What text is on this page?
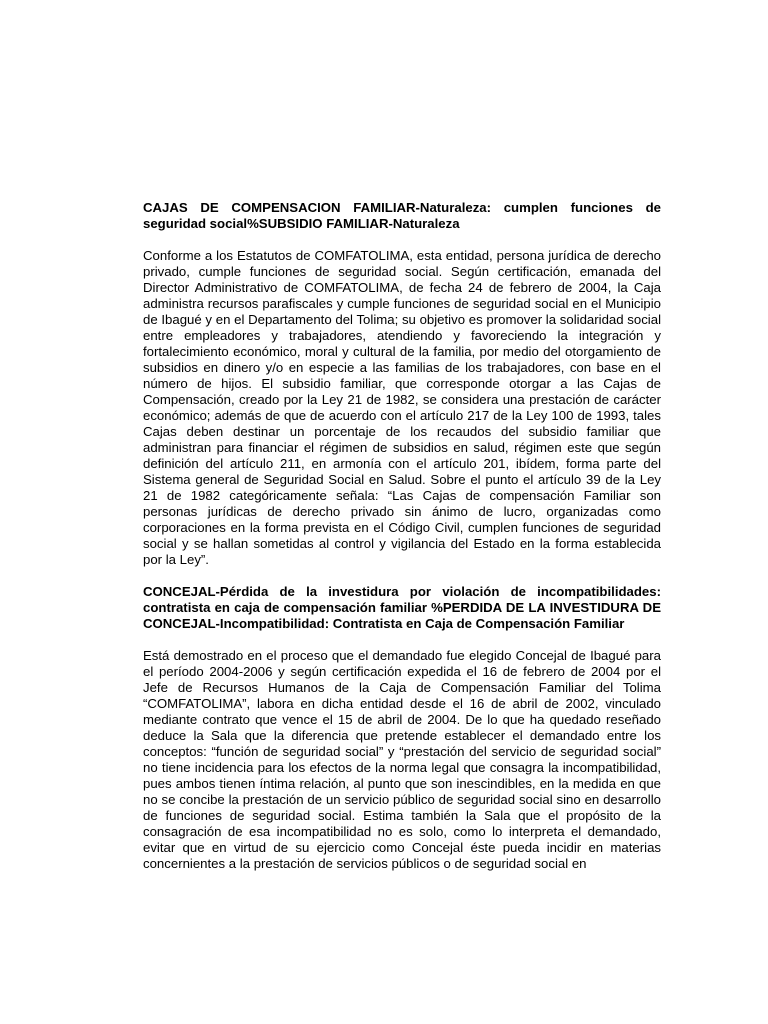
CAJAS DE COMPENSACION FAMILIAR-Naturaleza: cumplen funciones de seguridad social%SUBSIDIO FAMILIAR-Naturaleza
Conforme a los Estatutos de COMFATOLIMA, esta entidad, persona jurídica de derecho privado, cumple funciones de seguridad social. Según certificación, emanada del Director Administrativo de COMFATOLIMA, de fecha 24 de febrero de 2004, la Caja administra recursos parafiscales y cumple funciones de seguridad social en el Municipio de Ibagué y en el Departamento del Tolima; su objetivo es promover la solidaridad social entre empleadores y trabajadores, atendiendo y favoreciendo la integración y fortalecimiento económico, moral y cultural de la familia, por medio del otorgamiento de subsidios en dinero y/o en especie a las familias de los trabajadores, con base en el número de hijos. El subsidio familiar, que corresponde otorgar a las Cajas de Compensación, creado por la Ley 21 de 1982, se considera una prestación de carácter económico; además de que de acuerdo con el artículo 217 de la Ley 100 de 1993, tales Cajas deben destinar un porcentaje de los recaudos del subsidio familiar que administran para financiar el régimen de subsidios en salud, régimen este que según definición del artículo 211, en armonía con el artículo 201, ibídem, forma parte del Sistema general de Seguridad Social en Salud. Sobre el punto el artículo 39 de la Ley 21 de 1982 categóricamente señala: “Las Cajas de compensación Familiar son personas jurídicas de derecho privado sin ánimo de lucro, organizadas como corporaciones en la forma prevista en el Código Civil, cumplen funciones de seguridad social y se hallan sometidas al control y vigilancia del Estado en la forma establecida por la Ley”.
CONCEJAL-Pérdida de la investidura por violación de incompatibilidades: contratista en caja de compensación familiar %PERDIDA DE LA INVESTIDURA DE CONCEJAL-Incompatibilidad: Contratista en Caja de Compensación Familiar
Está demostrado en el proceso que el demandado fue elegido Concejal de Ibagué para el período 2004-2006 y según certificación expedida el 16 de febrero de 2004 por el Jefe de Recursos Humanos de la Caja de Compensación Familiar del Tolima “COMFATOLIMA”, labora en dicha entidad desde el 16 de abril de 2002, vinculado mediante contrato que vence el 15 de abril de 2004. De lo que ha quedado reseñado deduce la Sala que la diferencia que pretende establecer el demandado entre los conceptos: “función de seguridad social” y “prestación del servicio de seguridad social” no tiene incidencia para los efectos de la norma legal que consagra la incompatibilidad, pues ambos tienen íntima relación, al punto que son inescindibles, en la medida en que no se concibe la prestación de un servicio público de seguridad social sino en desarrollo de funciones de seguridad social. Estima también la Sala que el propósito de la consagración de esa incompatibilidad no es solo, como lo interpreta el demandado, evitar que en virtud de su ejercicio como Concejal éste pueda incidir en materias concernientes a la prestación de servicios públicos o de seguridad social en
